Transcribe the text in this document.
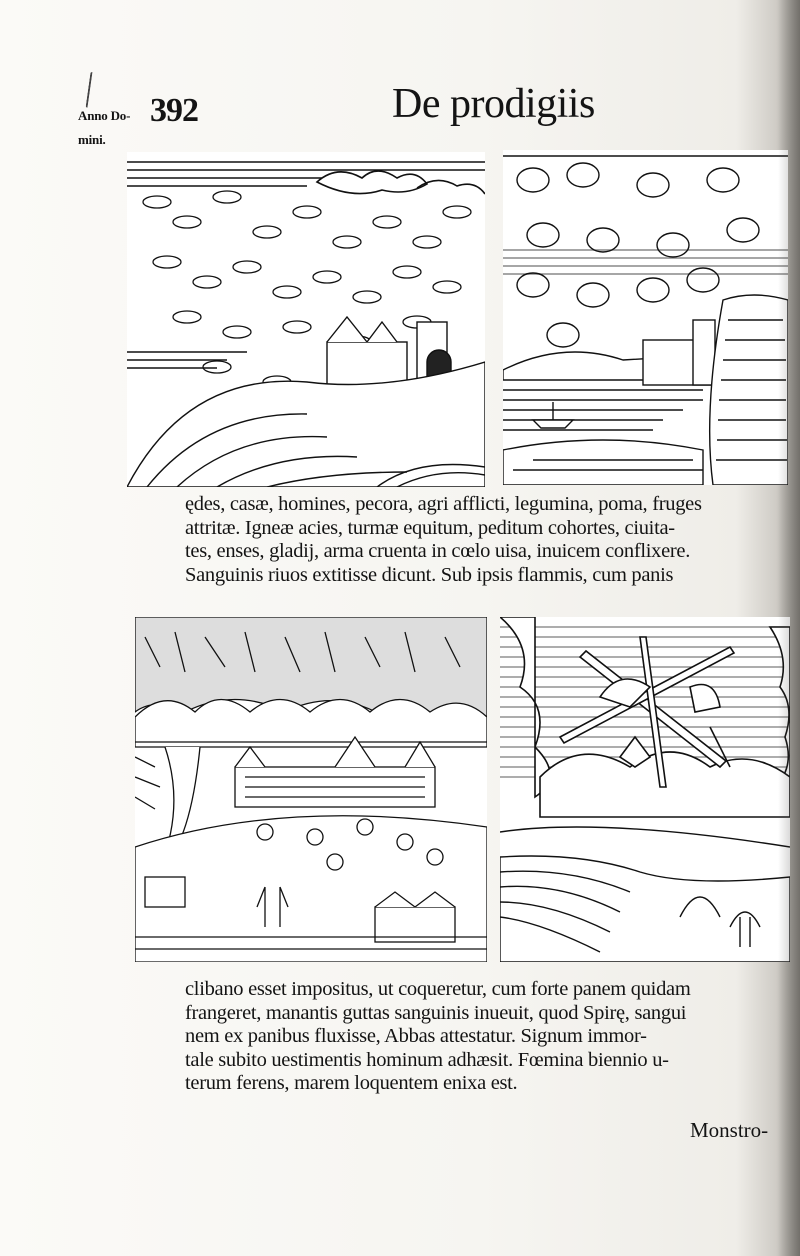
Anno Do-
mini.
392	De prodigiis
ędes, casæ, homines, pecora, agri afflicti, legumina, poma, fruges
attritæ. Igneæ acies, turmæ equitum, peditum cohortes, ciuita-
tes, enses, gladij, arma cruenta in cœlo uisa, inuicem conflixere.
Sanguinis riuos extitisse dicunt. Sub ipsis flammis, cum panis
clibano esset impositus, ut coqueretur, cum forte panem quidam
frangeret, manantis guttas sanguinis inueuit, quod Spirę, sangui
nem ex panibus fluxisse, Abbas attestatur. Signum immor-
tale subito uestimentis hominum adhæsit. Fœmina biennio u-
terum ferens, marem loquentem enixa est.
Monstro-
